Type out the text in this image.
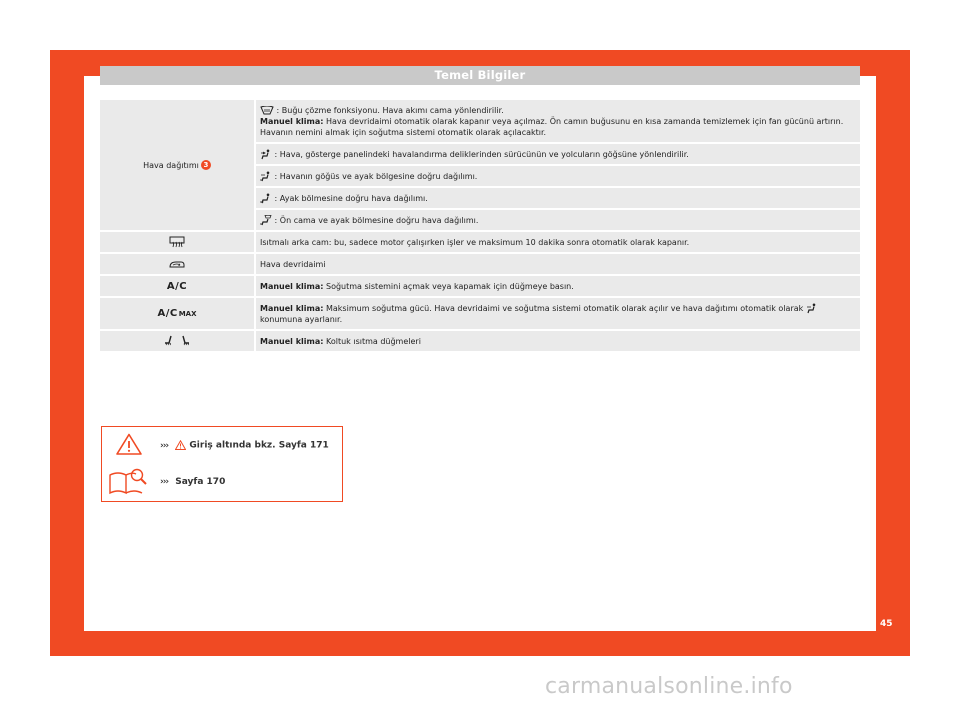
Temel Bilgiler
Hava dağıtımı 3
: Buğu çözme fonksiyonu. Hava akımı cama yönlendirilir.
Manuel klima: Hava devridaimi otomatik olarak kapanır veya açılmaz. Ön camın buğusunu en kısa zamanda temizlemek için fan gücünü artırın. Havanın nemini almak için soğutma sistemi otomatik olarak açılacaktır.
: Hava, gösterge panelindeki havalandırma deliklerinden sürücünün ve yolcuların göğsüne yönlendirilir.
: Havanın göğüs ve ayak bölgesine doğru dağılımı.
: Ayak bölmesine doğru hava dağılımı.
: Ön cama ve ayak bölmesine doğru hava dağılımı.
Isıtmalı arka cam: bu, sadece motor çalışırken işler ve maksimum 10 dakika sonra otomatik olarak kapanır.
Hava devridaimi
A/C	Manuel klima: Soğutma sistemini açmak veya kapamak için düğmeye basın.
A/C MAX
Manuel klima: Maksimum soğutma gücü. Hava devridaimi ve soğutma sistemi otomatik olarak açılır ve hava dağıtımı otomatik olarak
konumuna ayarlanır.
Manuel klima: Koltuk ısıtma düğmeleri
››› Giriş altında bkz. Sayfa 171
››› Sayfa 170
45
carmanualsonline.info
